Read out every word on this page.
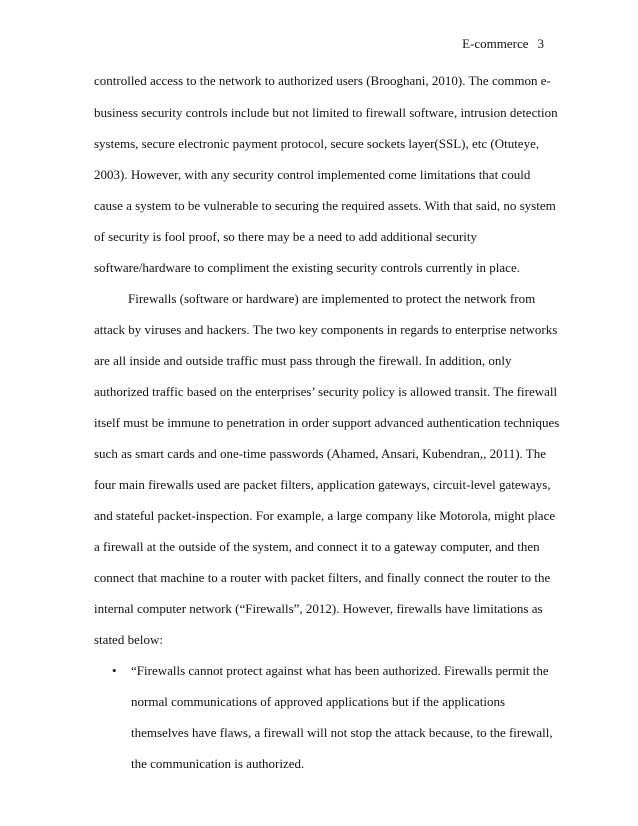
E-commerce 3
controlled access to the network to authorized users (Brooghani, 2010). The common e-
business security controls include but not limited to firewall software, intrusion detection
systems, secure electronic payment protocol, secure sockets layer(SSL), etc (Otuteye,
2003). However, with any security control implemented come limitations that could
cause a system to be vulnerable to securing the required assets. With that said, no system
of security is fool proof, so there may be a need to add additional security
software/hardware to compliment the existing security controls currently in place.
Firewalls (software or hardware) are implemented to protect the network from
attack by viruses and hackers. The two key components in regards to enterprise networks
are all inside and outside traffic must pass through the firewall. In addition, only
authorized traffic based on the enterprises’ security policy is allowed transit. The firewall
itself must be immune to penetration in order support advanced authentication techniques
such as smart cards and one-time passwords (Ahamed, Ansari, Kubendran,, 2011). The
four main firewalls used are packet filters, application gateways, circuit-level gateways,
and stateful packet-inspection. For example, a large company like Motorola, might place
a firewall at the outside of the system, and connect it to a gateway computer, and then
connect that machine to a router with packet filters, and finally connect the router to the
internal computer network (“Firewalls”, 2012). However, firewalls have limitations as
stated below:
• “Firewalls cannot protect against what has been authorized. Firewalls permit the
normal communications of approved applications but if the applications
themselves have flaws, a firewall will not stop the attack because, to the firewall,
the communication is authorized.
